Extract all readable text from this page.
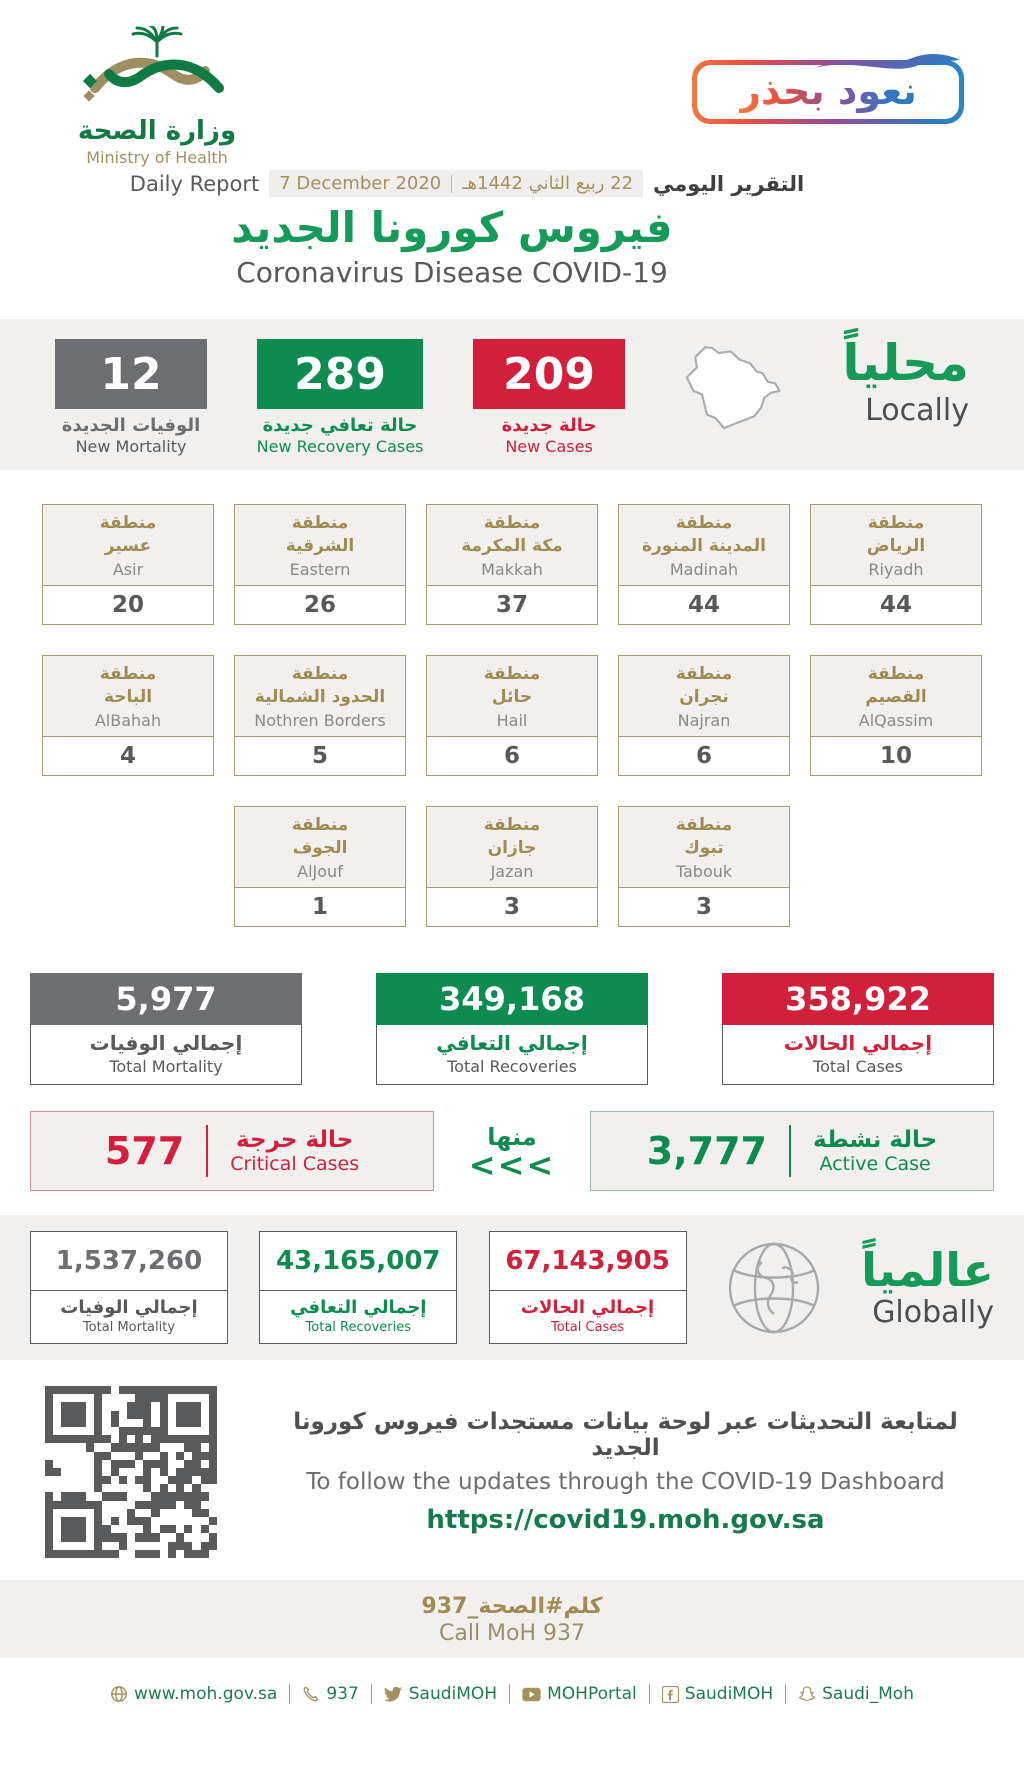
وزارة الصحة
Ministry of Health
نعود بحذر
Daily Report 7 December 2020 22 ربيع الثاني 1442هـ التقرير اليومي
فيروس كورونا الجديد
Coronavirus Disease COVID-19
12
الوفيات الجديدة
New Mortality
289
حالة تعافي جديدة
New Recovery Cases
209
حالة جديدة
New Cases
محلياً
Locally
منطقة
عسير
Asir
20
منطقة
الشرقية
Eastern
26
منطقة
مكة المكرمة
Makkah
37
منطقة
المدينة المنورة
Madinah
44
منطقة
الرياض
Riyadh
44
منطقة
الباحة
AlBahah
4
منطقة
الحدود الشمالية
Nothren Borders
5
منطقة
حائل
Hail
6
منطقة
نجران
Najran
6
منطقة
القصيم
AlQassim
10
منطقة
الجوف
AlJouf
1
منطقة
جازان
Jazan
3
منطقة
تبوك
Tabouk
3
5,977
إجمالي الوفيات
Total Mortality
349,168
إجمالي التعافي
Total Recoveries
358,922
إجمالي الحالات
Total Cases
577 حالة حرجة
Critical Cases
منها
<<< 3,777 حالة نشطة
Active Case
1,537,260
إجمالي الوفيات
Total Mortality
43,165,007
إجمالي التعافي
Total Recoveries
67,143,905
إجمالي الحالات
Total Cases
عالمياً
Globally
لمتابعة التحديثات عبر لوحة بيانات مستجدات فيروس كورونا الجديد
To follow the updates through the COVID-19 Dashboard
https://covid19.moh.gov.sa
كلم#الصحة_937
Call MoH 937
www.moh.gov.sa	937	SaudiMOH	MOHPortal	SaudiMOH	Saudi_Moh
